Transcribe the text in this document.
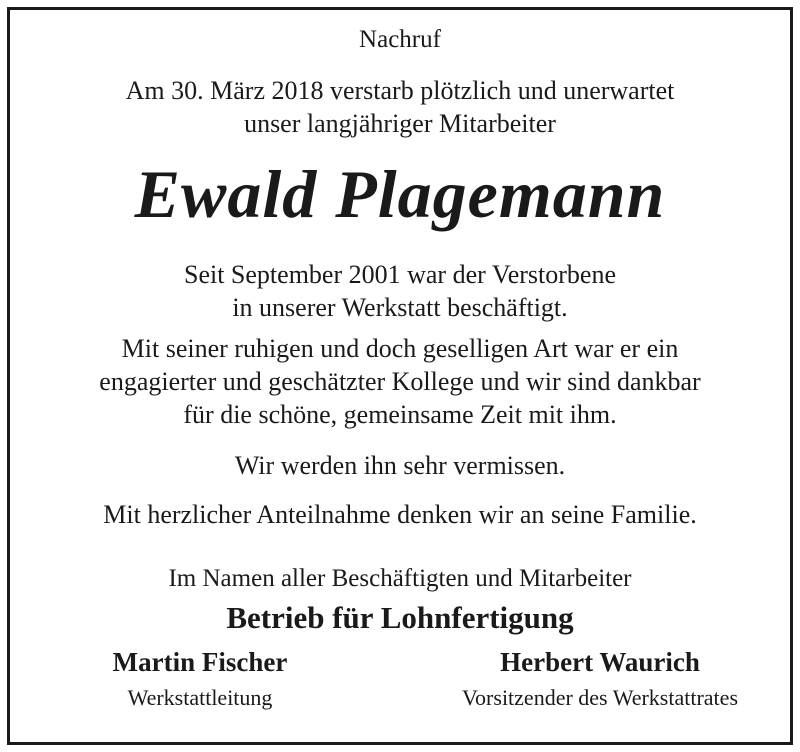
Nachruf
Am 30. März 2018 verstarb plötzlich und unerwartet
unser langjähriger Mitarbeiter
Ewald Plagemann
Seit September 2001 war der Verstorbene
in unserer Werkstatt beschäftigt.
Mit seiner ruhigen und doch geselligen Art war er ein
engagierter und geschätzter Kollege und wir sind dankbar
für die schöne, gemeinsame Zeit mit ihm.
Wir werden ihn sehr vermissen.
Mit herzlicher Anteilnahme denken wir an seine Familie.
Im Namen aller Beschäftigten und Mitarbeiter
Betrieb für Lohnfertigung
Martin Fischer
Werkstattleitung
Herbert Waurich
Vorsitzender des Werkstattrates
